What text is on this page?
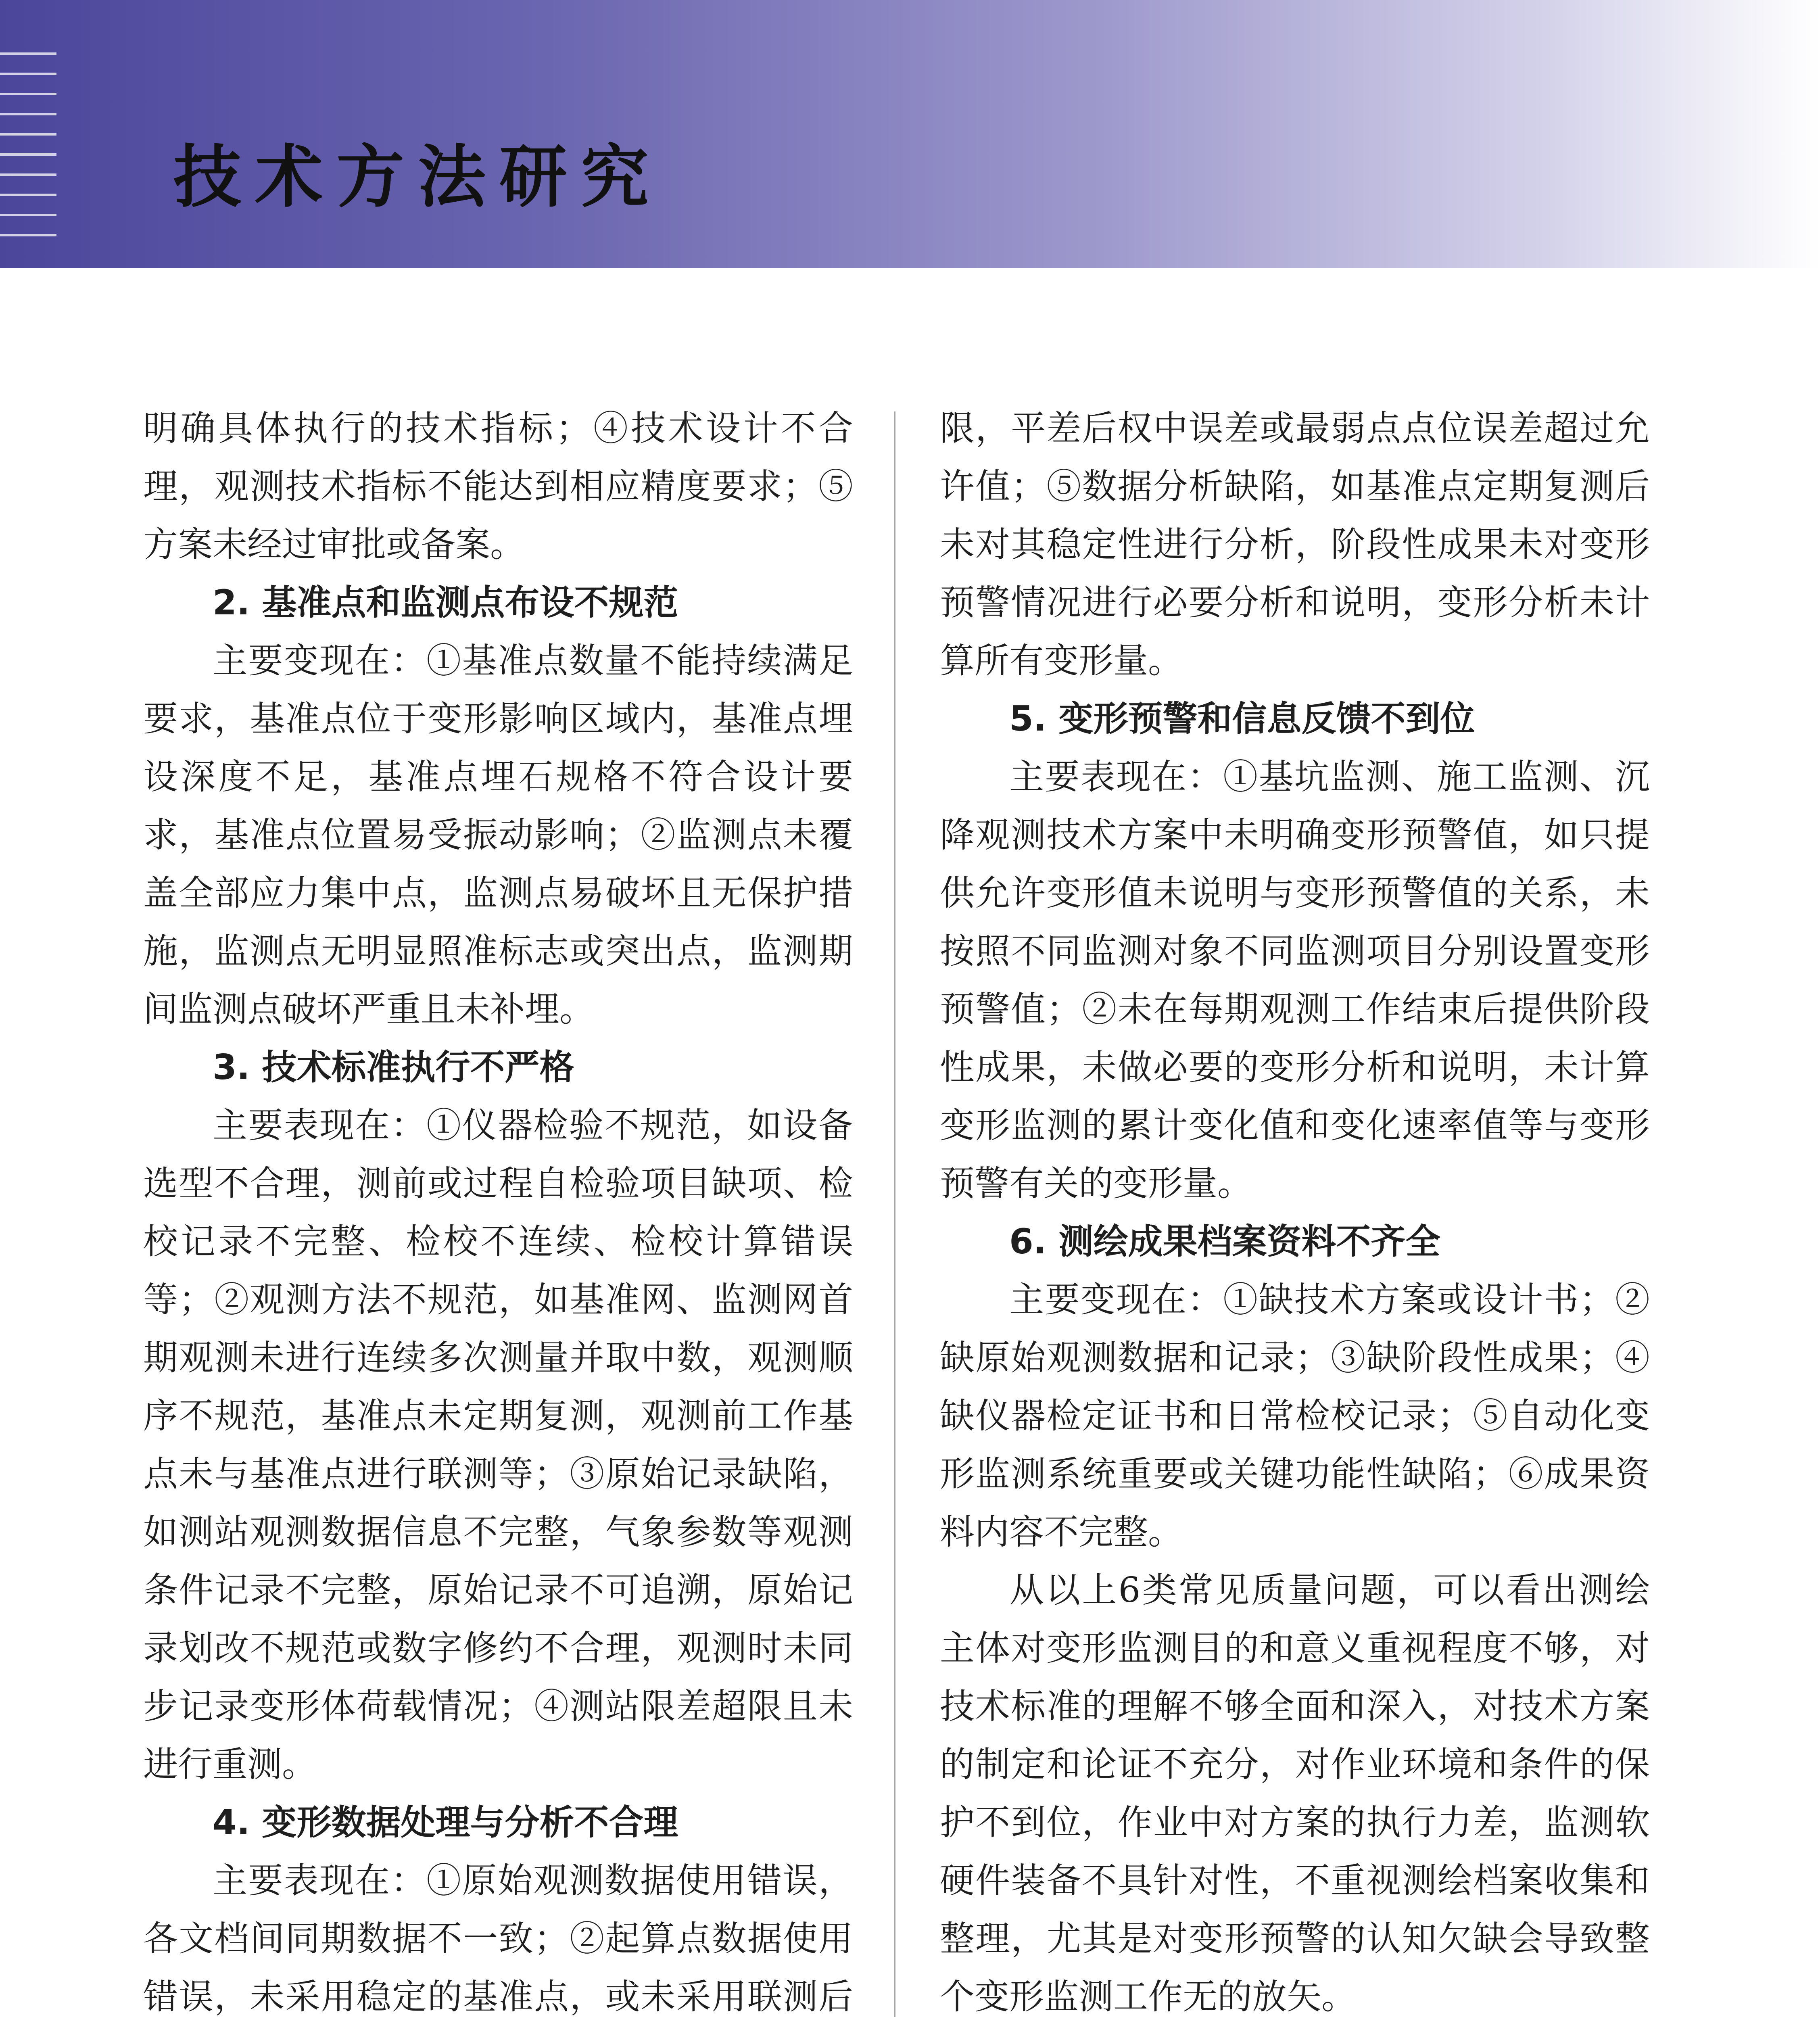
技术方法研究

明确具体执行的技术指标；④技术设计不合理，观测技术指标不能达到相应精度要求；⑤方案未经过审批或备案。

2. 基准点和监测点布设不规范

主要变现在：①基准点数量不能持续满足要求，基准点位于变形影响区域内，基准点埋设深度不足，基准点埋石规格不符合设计要求，基准点位置易受振动影响；②监测点未覆盖全部应力集中点，监测点易破坏且无保护措施，监测点无明显照准标志或突出点，监测期间监测点破坏严重且未补埋。

3. 技术标准执行不严格

主要表现在：①仪器检验不规范，如设备选型不合理，测前或过程自检验项目缺项、检校记录不完整、检校不连续、检校计算错误等；②观测方法不规范，如基准网、监测网首期观测未进行连续多次测量并取中数，观测顺序不规范，基准点未定期复测，观测前工作基点未与基准点进行联测等；③原始记录缺陷，如测站观测数据信息不完整，气象参数等观测条件记录不完整，原始记录不可追溯，原始记录划改不规范或数字修约不合理，观测时未同步记录变形体荷载情况；④测站限差超限且未进行重测。

4. 变形数据处理与分析不合理

主要表现在：①原始观测数据使用错误，各文档间同期数据不一致；②起算点数据使用错误，未采用稳定的基准点，或未采用联测后

限，平差后权中误差或最弱点点位误差超过允许值；⑤数据分析缺陷，如基准点定期复测后未对其稳定性进行分析，阶段性成果未对变形预警情况进行必要分析和说明，变形分析未计算所有变形量。

5. 变形预警和信息反馈不到位

主要表现在：①基坑监测、施工监测、沉降观测技术方案中未明确变形预警值，如只提供允许变形值未说明与变形预警值的关系，未按照不同监测对象不同监测项目分别设置变形预警值；②未在每期观测工作结束后提供阶段性成果，未做必要的变形分析和说明，未计算变形监测的累计变化值和变化速率值等与变形预警有关的变形量。

6. 测绘成果档案资料不齐全

主要变现在：①缺技术方案或设计书；②缺原始观测数据和记录；③缺阶段性成果；④缺仪器检定证书和日常检校记录；⑤自动化变形监测系统重要或关键功能性缺陷；⑥成果资料内容不完整。

从以上6类常见质量问题，可以看出测绘主体对变形监测目的和意义重视程度不够，对技术标准的理解不够全面和深入，对技术方案的制定和论证不充分，对作业环境和条件的保护不到位，作业中对方案的执行力差，监测软硬件装备不具针对性，不重视测绘档案收集和整理，尤其是对变形预警的认知欠缺会导致整个变形监测工作无的放矢。
